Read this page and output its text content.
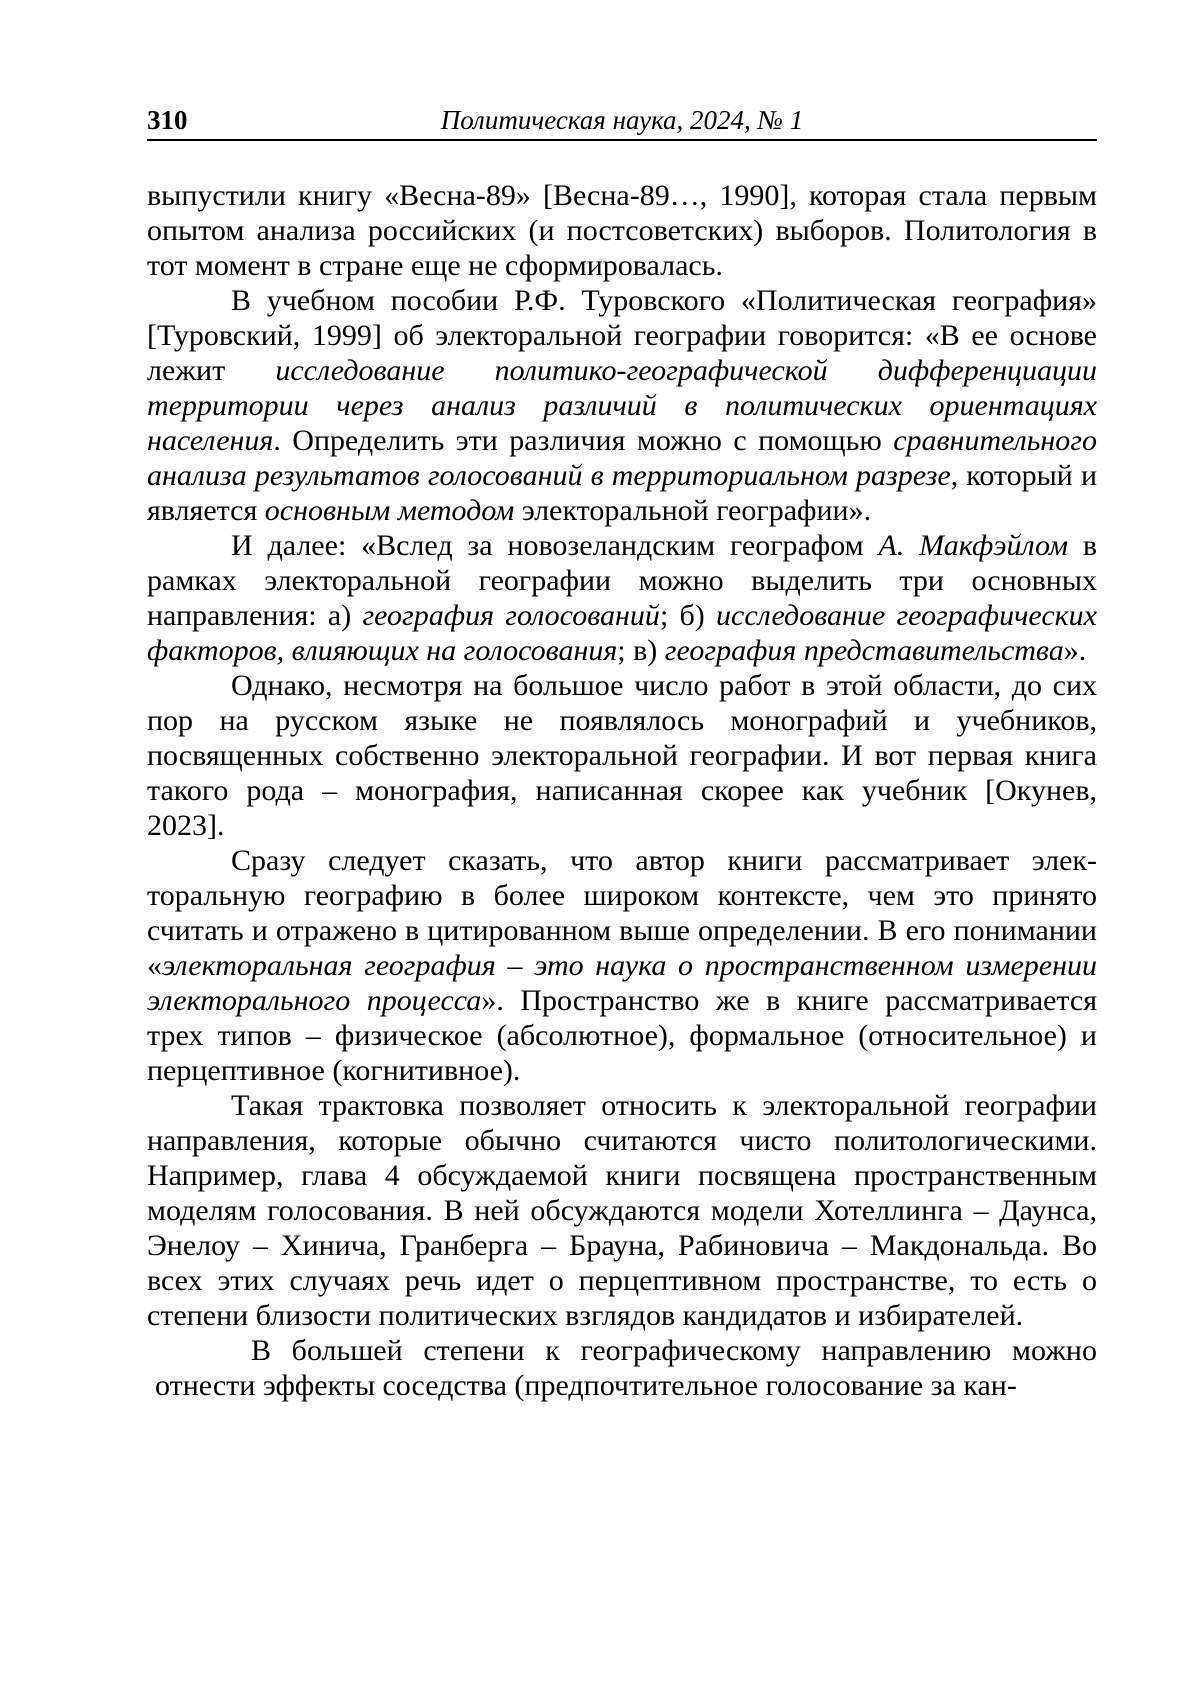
310	Политическая наука, 2024, № 1

выпустили книгу «Весна-89» [Весна-89…, 1990], которая стала первым опытом анализа российских (и постсоветских) выборов. Политология в тот момент в стране еще не сформировалась.

В учебном пособии Р.Ф. Туровского «Политическая география» [Туровский, 1999] об электоральной географии говорится: «В ее основе лежит исследование политико-географической дифференциации территории через анализ различий в политических ориентациях населения. Определить эти различия можно с помощью сравнительного анализа результатов голосований в территориальном разрезе, который и является основным методом электоральной географии».

И далее: «Вслед за новозеландским географом А. Макфэйлом в рамках электоральной географии можно выделить три основных направления: а) география голосований; б) исследование географических факторов, влияющих на голосования; в) география представительства».

Однако, несмотря на большое число работ в этой области, до сих пор на русском языке не появлялось монографий и учебников, посвященных собственно электоральной географии. И вот первая книга такого рода – монография, написанная скорее как учебник [Окунев, 2023].

Сразу следует сказать, что автор книги рассматривает электоральную географию в более широком контексте, чем это принято считать и отражено в цитированном выше определении. В его понимании «электоральная география – это наука о пространственном измерении электорального процесса». Пространство же в книге рассматривается трех типов – физическое (абсолютное), формальное (относительное) и перцептивное (когнитивное).

Такая трактовка позволяет относить к электоральной географии направления, которые обычно считаются чисто политологическими. Например, глава 4 обсуждаемой книги посвящена пространственным моделям голосования. В ней обсуждаются модели Хотеллинга – Даунса, Энелоу – Хинича, Гранберга – Брауна, Рабиновича – Макдональда. Во всех этих случаях речь идет о перцептивном пространстве, то есть о степени близости политических взглядов кандидатов и избирателей.

В большей степени к географическому направлению можно отнести эффекты соседства (предпочтительное голосование за кан-
